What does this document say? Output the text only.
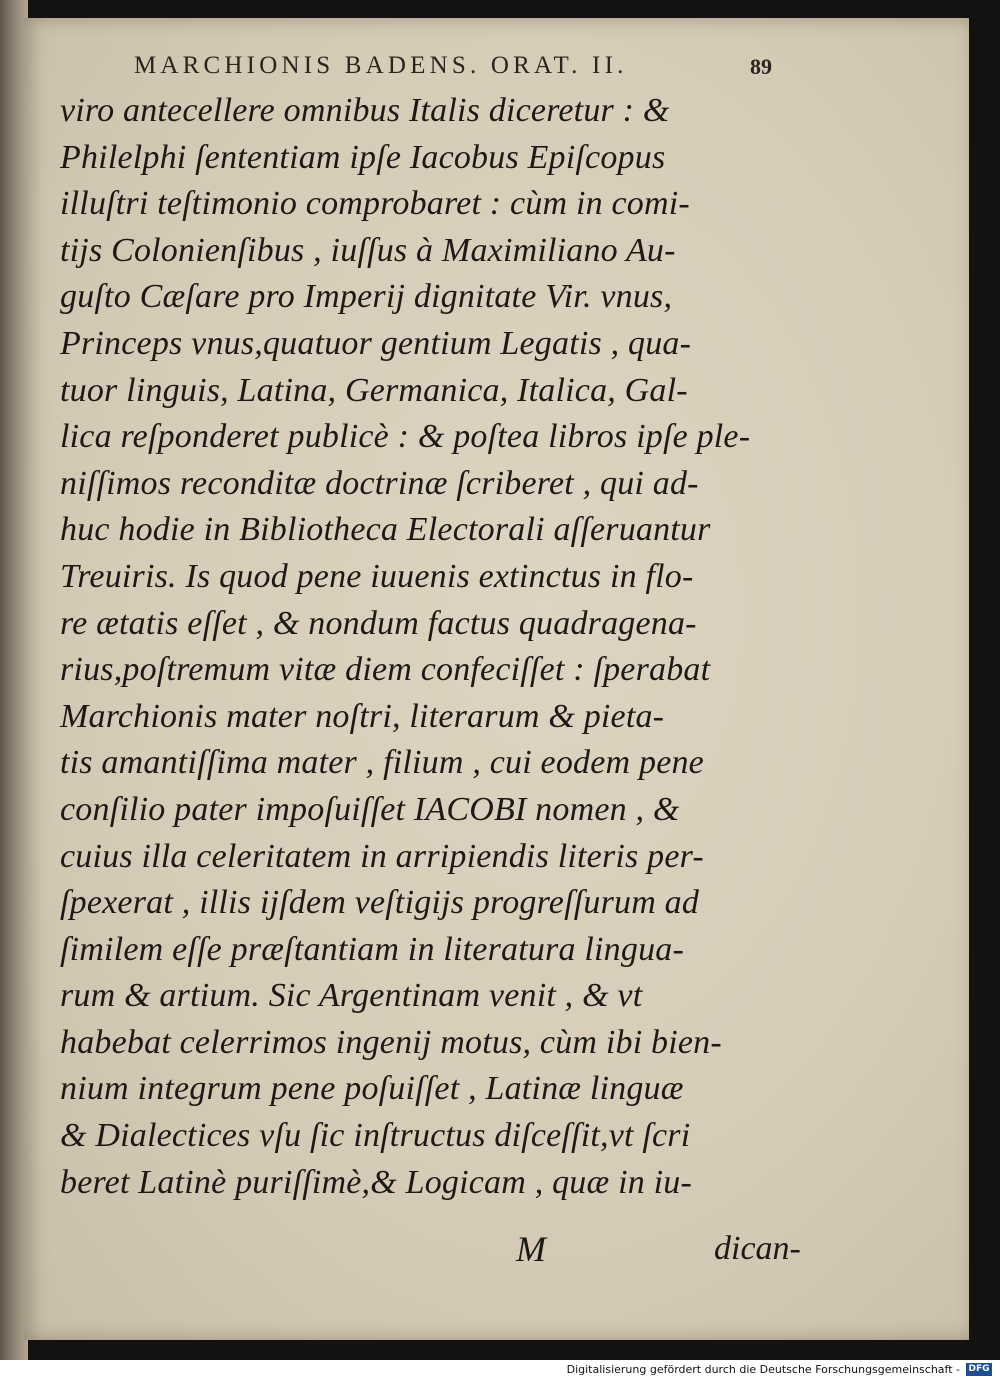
MARCHIONIS BADENS. ORAT. II.	89
viro antecellere omnibus Italis diceretur : &
Philelphi ſententiam ipſe Iacobus Epiſcopus
illuſtri teſtimonio comprobaret : cùm in comi-
tijs Colonienſibus , iuſſus à Maximiliano Au-
guſto Cæſare pro Imperij dignitate Vir. vnus,
Princeps vnus,quatuor gentium Legatis , qua-
tuor linguis, Latina, Germanica, Italica, Gal-
lica reſponderet publicè : & poſtea libros ipſe ple-
niſſimos reconditæ doctrinæ ſcriberet , qui ad-
huc hodie in Bibliotheca Electorali aſſeruantur
Treuiris. Is quod pene iuuenis extinctus in flo-
re ætatis eſſet , & nondum factus quadragena-
rius,poſtremum vitæ diem confeciſſet : ſperabat
Marchionis mater noſtri, literarum & pieta-
tis amantiſſima mater , filium , cui eodem pene
conſilio pater impoſuiſſet IACOBI nomen , &
cuius illa celeritatem in arripiendis literis per-
ſpexerat , illis ijſdem veſtigijs progreſſurum ad
ſimilem eſſe præſtantiam in literatura lingua-
rum & artium. Sic Argentinam venit , & vt
habebat celerrimos ingenij motus, cùm ibi bien-
nium integrum pene poſuiſſet , Latinæ linguæ
& Dialectices vſu ſic inſtructus diſceſſit,vt ſcri
beret Latinè puriſſimè,& Logicam , quæ in iu-
M	dican-
Digitalisierung gefördert durch die Deutsche Forschungsgemeinschaft - DFG
